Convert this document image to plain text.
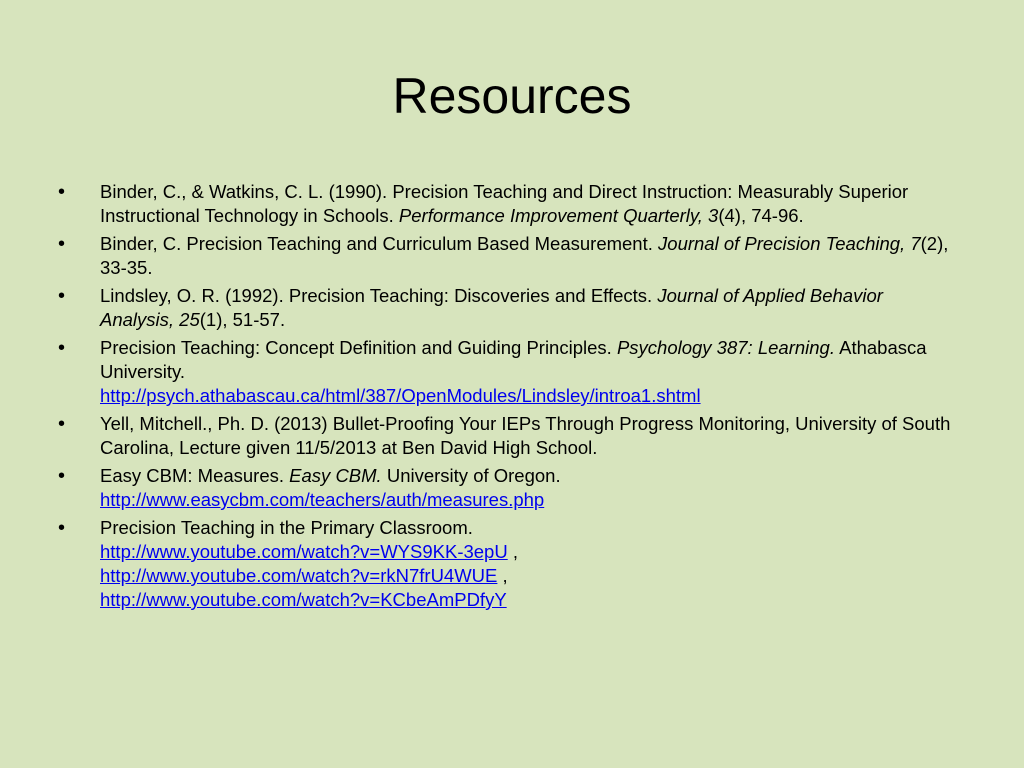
Resources
• Binder, C., & Watkins, C. L. (1990). Precision Teaching and Direct Instruction: Measurably Superior Instructional Technology in Schools. Performance Improvement Quarterly, 3(4), 74-96.
• Binder, C. Precision Teaching and Curriculum Based Measurement. Journal of Precision Teaching, 7(2), 33-35.
• Lindsley, O. R. (1992). Precision Teaching: Discoveries and Effects. Journal of Applied Behavior Analysis, 25(1), 51-57.
• Precision Teaching: Concept Definition and Guiding Principles. Psychology 387: Learning. Athabasca University.
http://psych.athabascau.ca/html/387/OpenModules/Lindsley/introa1.shtml
• Yell, Mitchell., Ph. D. (2013) Bullet-Proofing Your IEPs Through Progress Monitoring, University of South Carolina, Lecture given 11/5/2013 at Ben David High School.
• Easy CBM: Measures. Easy CBM. University of Oregon.
http://www.easycbm.com/teachers/auth/measures.php
• Precision Teaching in the Primary Classroom.
http://www.youtube.com/watch?v=WYS9KK-3epU ,
http://www.youtube.com/watch?v=rkN7frU4WUE ,
http://www.youtube.com/watch?v=KCbeAmPDfyY
